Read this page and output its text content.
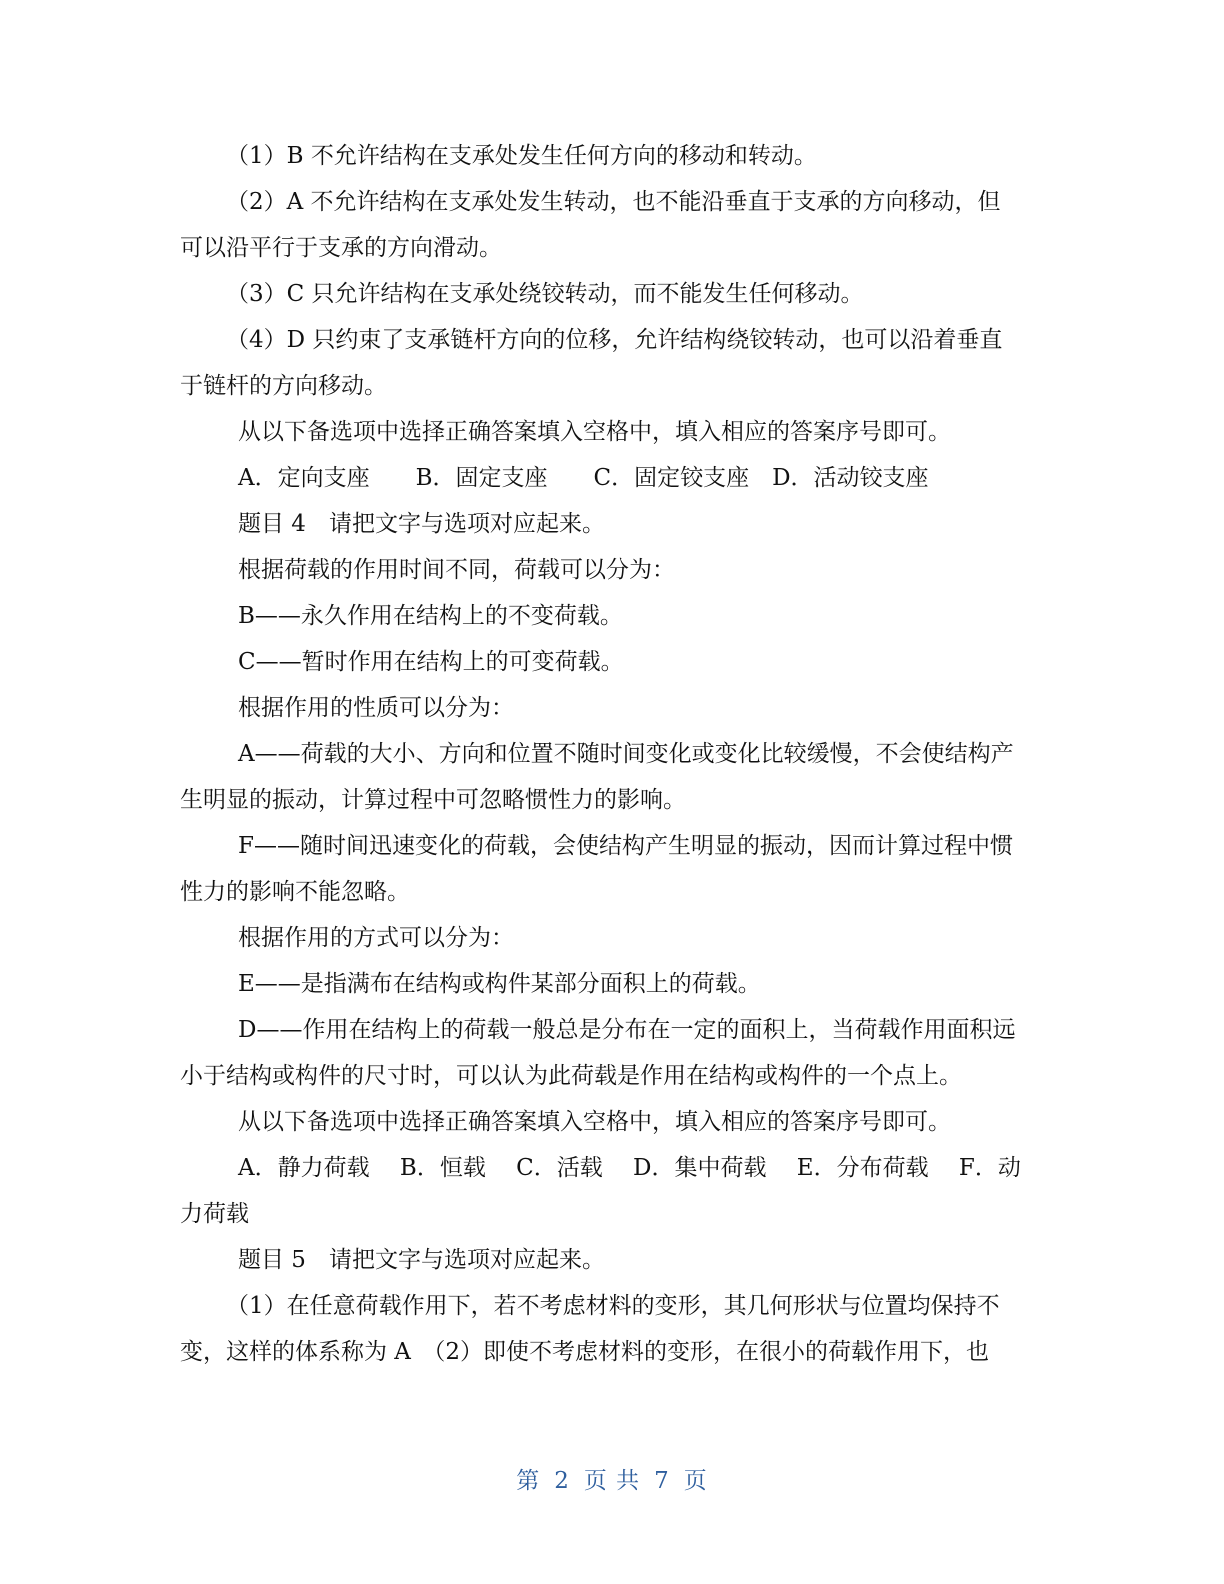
（1）B 不允许结构在支承处发生任何方向的移动和转动。

（2）A 不允许结构在支承处发生转动，也不能沿垂直于支承的方向移动，但

可以沿平行于支承的方向滑动。

（3）C 只允许结构在支承处绕铰转动，而不能发生任何移动。

（4）D 只约束了支承链杆方向的位移，允许结构绕铰转动，也可以沿着垂直

于链杆的方向移动。

从以下备选项中选择正确答案填入空格中，填入相应的答案序号即可。

A．定向支座　　B．固定支座　　C．固定铰支座　D．活动铰支座

题目 4　请把文字与选项对应起来。

根据荷载的作用时间不同，荷载可以分为：

B——永久作用在结构上的不变荷载。

C——暂时作用在结构上的可变荷载。

根据作用的性质可以分为：

A——荷载的大小、方向和位置不随时间变化或变化比较缓慢，不会使结构产

生明显的振动，计算过程中可忽略惯性力的影响。

F——随时间迅速变化的荷载，会使结构产生明显的振动，因而计算过程中惯

性力的影响不能忽略。

根据作用的方式可以分为：

E——是指满布在结构或构件某部分面积上的荷载。

D——作用在结构上的荷载一般总是分布在一定的面积上，当荷载作用面积远

小于结构或构件的尺寸时，可以认为此荷载是作用在结构或构件的一个点上。

从以下备选项中选择正确答案填入空格中，填入相应的答案序号即可。

A．静力荷载　 B．恒载　 C．活载　 D．集中荷载　 E．分布荷载　 F．动

力荷载

题目 5　请把文字与选项对应起来。

（1）在任意荷载作用下，若不考虑材料的变形，其几何形状与位置均保持不

变，这样的体系称为 A　（2）即使不考虑材料的变形，在很小的荷载作用下，也

第 2 页 共 7 页
